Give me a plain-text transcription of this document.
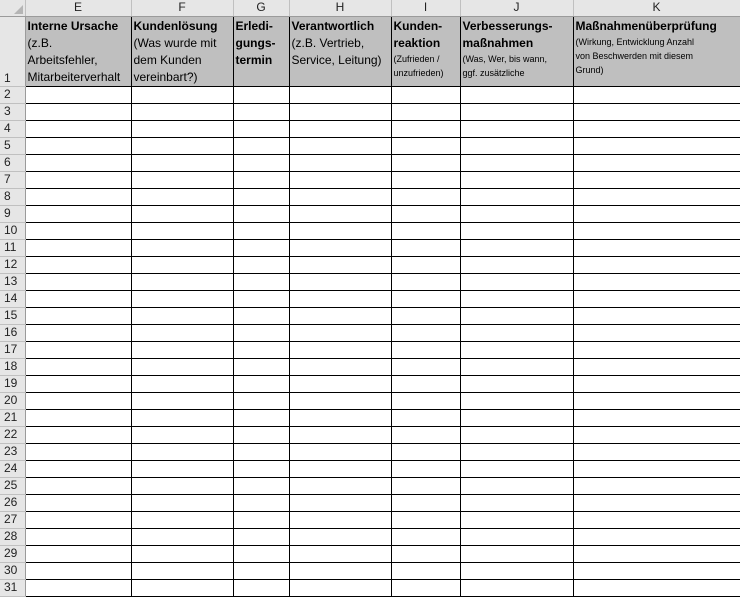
	E	F	G	H	I	J	K
1	Interne Ursache
(z.B.
Arbeitsfehler,
Mitarbeiterverhalt	Kundenlösung
(Was wurde mit
dem Kunden
vereinbart?)	Erledi-
gungs-
termin	Verantwortlich
(z.B. Vertrieb,
Service, Leitung)	Kunden-
reaktion
(Zufrieden /
unzufrieden)	Verbesserungs-
maßnahmen
(Was, Wer, bis wann,
ggf. zusätzliche	Maßnahmenüberprüfung
(Wirkung, Entwicklung Anzahl
von Beschwerden mit diesem
Grund)

2							
3							
4							
5							
6							
7							
8							
9							
10							
11							
12							
13							
14							
15							
16							
17							
18							
19							
20							
21							
22							
23							
24							
25							
26							
27							
28							
29							
30							
31							
